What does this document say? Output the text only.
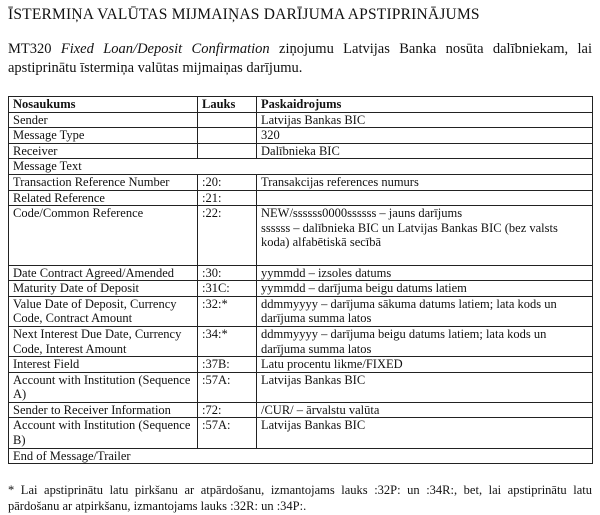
ĪSTERMIŅA VALŪTAS MIJMAIŅAS DARĪJUMA APSTIPRINĀJUMS
MT320 Fixed Loan/Deposit Confirmation ziņojumu Latvijas Banka nosūta dalībniekam, lai apstiprinātu īstermiņa valūtas mijmaiņas darījumu.
Nosaukums	Lauks	Paskaidrojums
Sender		Latvijas Bankas BIC
Message Type		320
Receiver		Dalībnieka BIC
Message Text		
Transaction Reference Number	:20:	Transakcijas references numurs
Related Reference	:21:	
Code/Common Reference	:22:	NEW/ssssss0000ssssss – jauns darījums
ssssss – dalībnieka BIC un Latvijas Bankas BIC (bez valsts koda) alfabētiskā secībā

Date Contract Agreed/Amended	:30:	yymmdd – izsoles datums
Maturity Date of Deposit	:31C:	yymmdd – darījuma beigu datums latiem
Value Date of Deposit, Currency Code, Contract Amount	:32:*	ddmmyyyy – darījuma sākuma datums latiem; lata kods un darījuma summa latos
Next Interest Due Date, Currency Code, Interest Amount	:34:*	ddmmyyyy – darījuma beigu datums latiem; lata kods un darījuma summa latos
Interest Field	:37B:	Latu procentu likme/FIXED
Account with Institution (Sequence A)	:57A:	Latvijas Bankas BIC
Sender to Receiver Information	:72:	/CUR/ – ārvalstu valūta
Account with Institution (Sequence B)	:57A:	Latvijas Bankas BIC
End of Message/Trailer		
* Lai apstiprinātu latu pirkšanu ar atpārdošanu, izmantojams lauks :32P: un :34R:, bet, lai apstiprinātu latu pārdošanu ar atpirkšanu, izmantojams lauks :32R: un :34P:.
